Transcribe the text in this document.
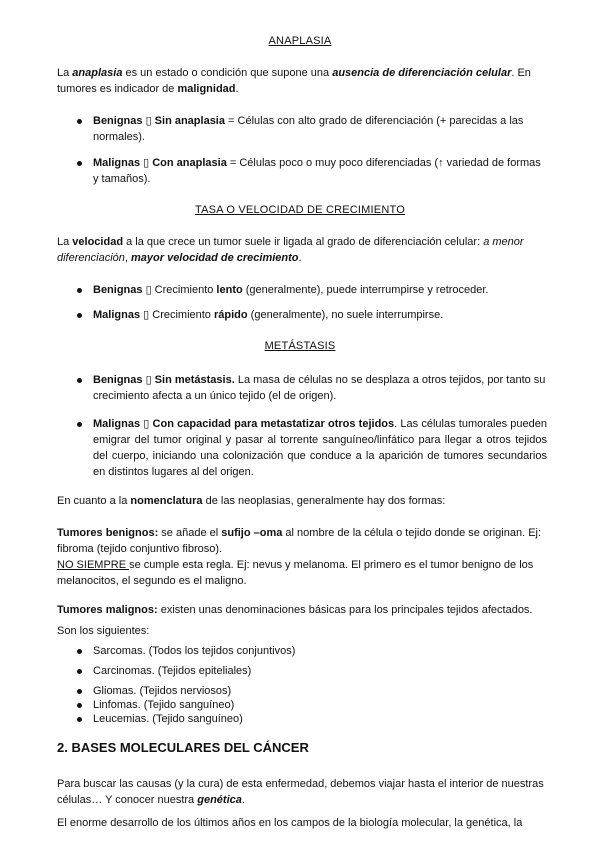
ANAPLASIA
La anaplasia es un estado o condición que supone una ausencia de diferenciación celular. En tumores es indicador de malignidad.
Benignas ▯ Sin anaplasia = Células con alto grado de diferenciación (+ parecidas a las normales).
Malignas ▯ Con anaplasia = Células poco o muy poco diferenciadas (↑ variedad de formas y tamaños).
TASA O VELOCIDAD DE CRECIMIENTO
La velocidad a la que crece un tumor suele ir ligada al grado de diferenciación celular: a menor diferenciación, mayor velocidad de crecimiento.
Benignas ▯ Crecimiento lento (generalmente), puede interrumpirse y retroceder.
Malignas ▯ Crecimiento rápido (generalmente), no suele interrumpirse.
METÁSTASIS
Benignas ▯ Sin metástasis. La masa de células no se desplaza a otros tejidos, por tanto su crecimiento afecta a un único tejido (el de origen).
Malignas ▯ Con capacidad para metastatizar otros tejidos. Las células tumorales pueden emigrar del tumor original y pasar al torrente sanguíneo/linfático para llegar a otros tejidos del cuerpo, iniciando una colonización que conduce a la aparición de tumores secundarios en distintos lugares al del origen.
En cuanto a la nomenclatura de las neoplasias, generalmente hay dos formas:
Tumores benignos: se añade el sufijo –oma al nombre de la célula o tejido donde se originan. Ej: fibroma (tejido conjuntivo fibroso).
NO SIEMPRE se cumple esta regla. Ej: nevus y melanoma. El primero es el tumor benigno de los melanocitos, el segundo es el maligno.
Tumores malignos: existen unas denominaciones básicas para los principales tejidos afectados.
Son los siguientes:
Sarcomas. (Todos los tejidos conjuntivos)
Carcinomas. (Tejidos epiteliales)
Gliomas. (Tejidos nerviosos)
Linfomas. (Tejido sanguíneo)
Leucemias. (Tejido sanguíneo)
2. BASES MOLECULARES DEL CÁNCER
Para buscar las causas (y la cura) de esta enfermedad, debemos viajar hasta el interior de nuestras células… Y conocer nuestra genética.
El enorme desarrollo de los últimos años en los campos de la biología molecular, la genética, la
